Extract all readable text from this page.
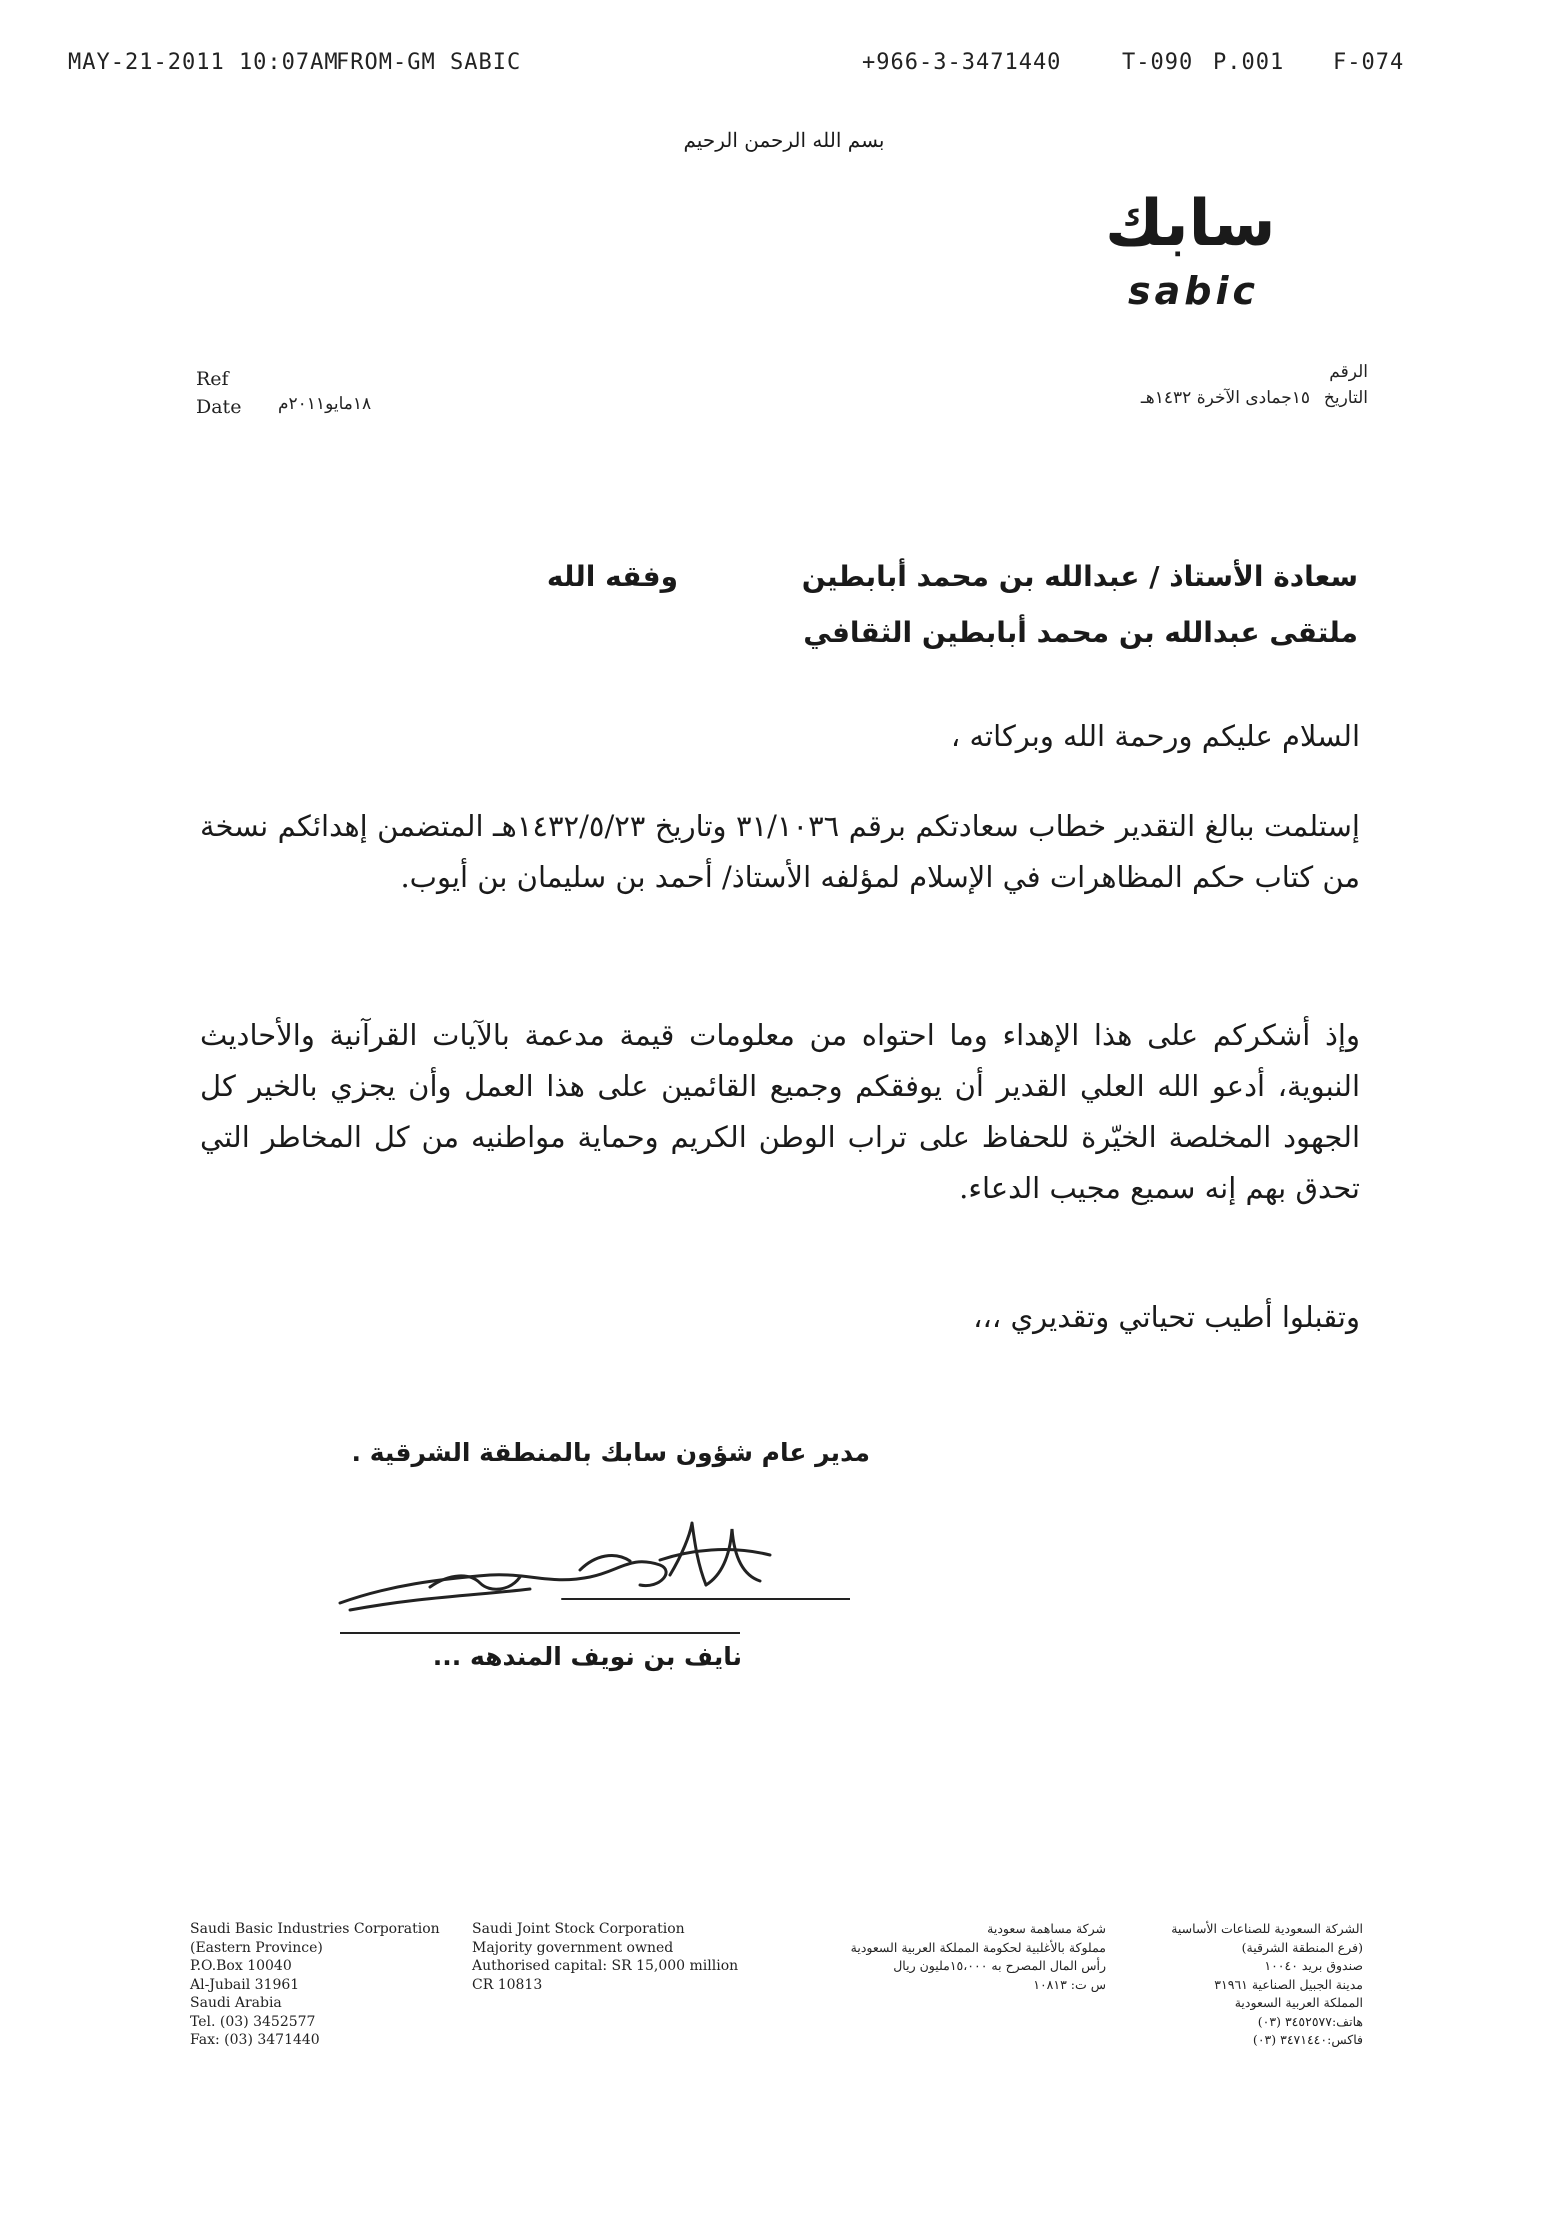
MAY-21-2011 10:07AM
FROM-GM SABIC	+966-3-3471440	T-090 P.001 F-074
بسم الله الرحمن الرحيم
سابك
sabic
Ref
Date ١٨مايو٢٠١١م
الرقم
التاريخ
١٥جمادى الآخرة ١٤٣٢هـ
سعادة الأستاذ / عبدالله بن محمد أبابطين
وفقه الله
ملتقى عبدالله بن محمد أبابطين الثقافي
السلام عليكم ورحمة الله وبركاته ،
إستلمت ببالغ التقدير خطاب سعادتكم برقم ٣١/١٠٣٦ وتاريخ ١٤٣٢/٥/٢٣هـ المتضمن إهدائكم نسخة من كتاب حكم المظاهرات في الإسلام لمؤلفه الأستاذ/ أحمد بن سليمان بن أيوب.
وإذ أشكركم على هذا الإهداء وما احتواه من معلومات قيمة مدعمة بالآيات القرآنية والأحاديث النبوية، أدعو الله العلي القدير أن يوفقكم وجميع القائمين على هذا العمل وأن يجزي بالخير كل الجهود المخلصة الخيّرة للحفاظ على تراب الوطن الكريم وحماية مواطنيه من كل المخاطر التي تحدق بهم إنه سميع مجيب الدعاء.
وتقبلوا أطيب تحياتي وتقديري ،،،
مدير عام شؤون سابك بالمنطقة الشرقية .
نايف بن نويف المندهه ...
Saudi Basic Industries Corporation
(Eastern Province)
P.O.Box 10040
Al-Jubail 31961
Saudi Arabia
Tel. (03) 3452577
Fax: (03) 3471440
Saudi Joint Stock Corporation
Majority government owned
Authorised capital: SR 15,000 million
CR 10813
شركة مساهمة سعودية
مملوكة بالأغلبية لحكومة المملكة العربية السعودية
رأس المال المصرح به ١٥،٠٠٠مليون ريال
س ت: ١٠٨١٣
الشركة السعودية للصناعات الأساسية
(فرع المنطقة الشرقية)
صندوق بريد ١٠٠٤٠
مدينة الجبيل الصناعية ٣١٩٦١
المملكة العربية السعودية
هاتف:٣٤٥٢٥٧٧ (٠٣)
فاكس:٣٤٧١٤٤٠ (٠٣)
